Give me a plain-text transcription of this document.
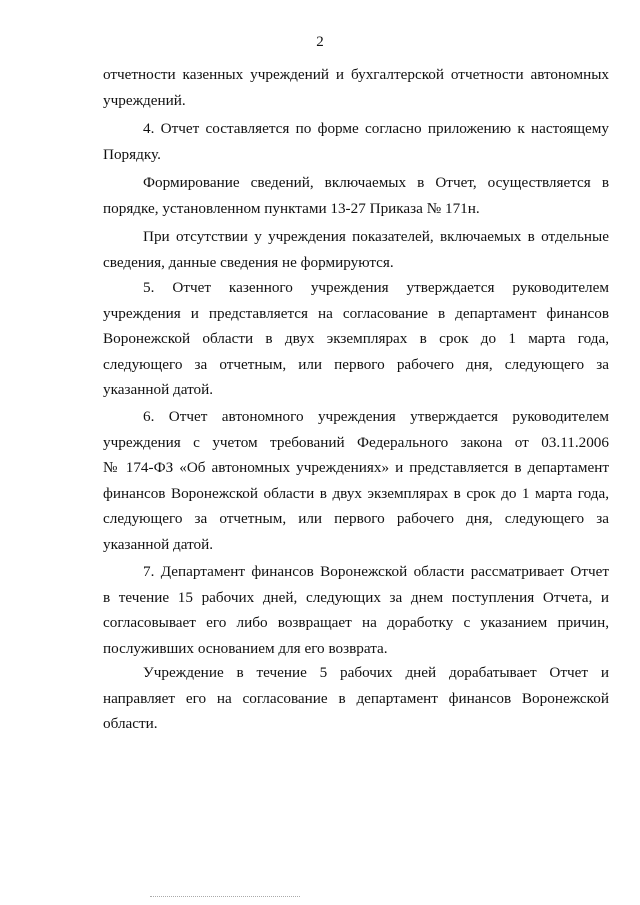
2

отчетности казенных учреждений и бухгалтерской отчетности автономных
учреждений.

4. Отчет составляется по форме согласно приложению к настоящему
Порядку.

Формирование сведений, включаемых в Отчет, осуществляется в
порядке, установленном пунктами 13-27 Приказа № 171н.

При отсутствии у учреждения показателей, включаемых в отдельные
сведения, данные сведения не формируются.

5. Отчет казенного учреждения утверждается руководителем
учреждения и представляется на согласование в департамент финансов
Воронежской области в двух экземплярах в срок до 1 марта года,
следующего за отчетным, или первого рабочего дня, следующего за
указанной датой.

6. Отчет автономного учреждения утверждается руководителем
учреждения с учетом требований Федерального закона от 03.11.2006
№ 174-ФЗ «Об автономных учреждениях» и представляется в департамент
финансов Воронежской области в двух экземплярах в срок до 1 марта года,
следующего за отчетным, или первого рабочего дня, следующего за
указанной датой.

7. Департамент финансов Воронежской области рассматривает Отчет
в течение 15 рабочих дней, следующих за днем поступления Отчета, и
согласовывает его либо возвращает на доработку с указанием причин,
послуживших основанием для его возврата.

Учреждение в течение 5 рабочих дней дорабатывает Отчет и
направляет его на согласование в департамент финансов Воронежской
области.
